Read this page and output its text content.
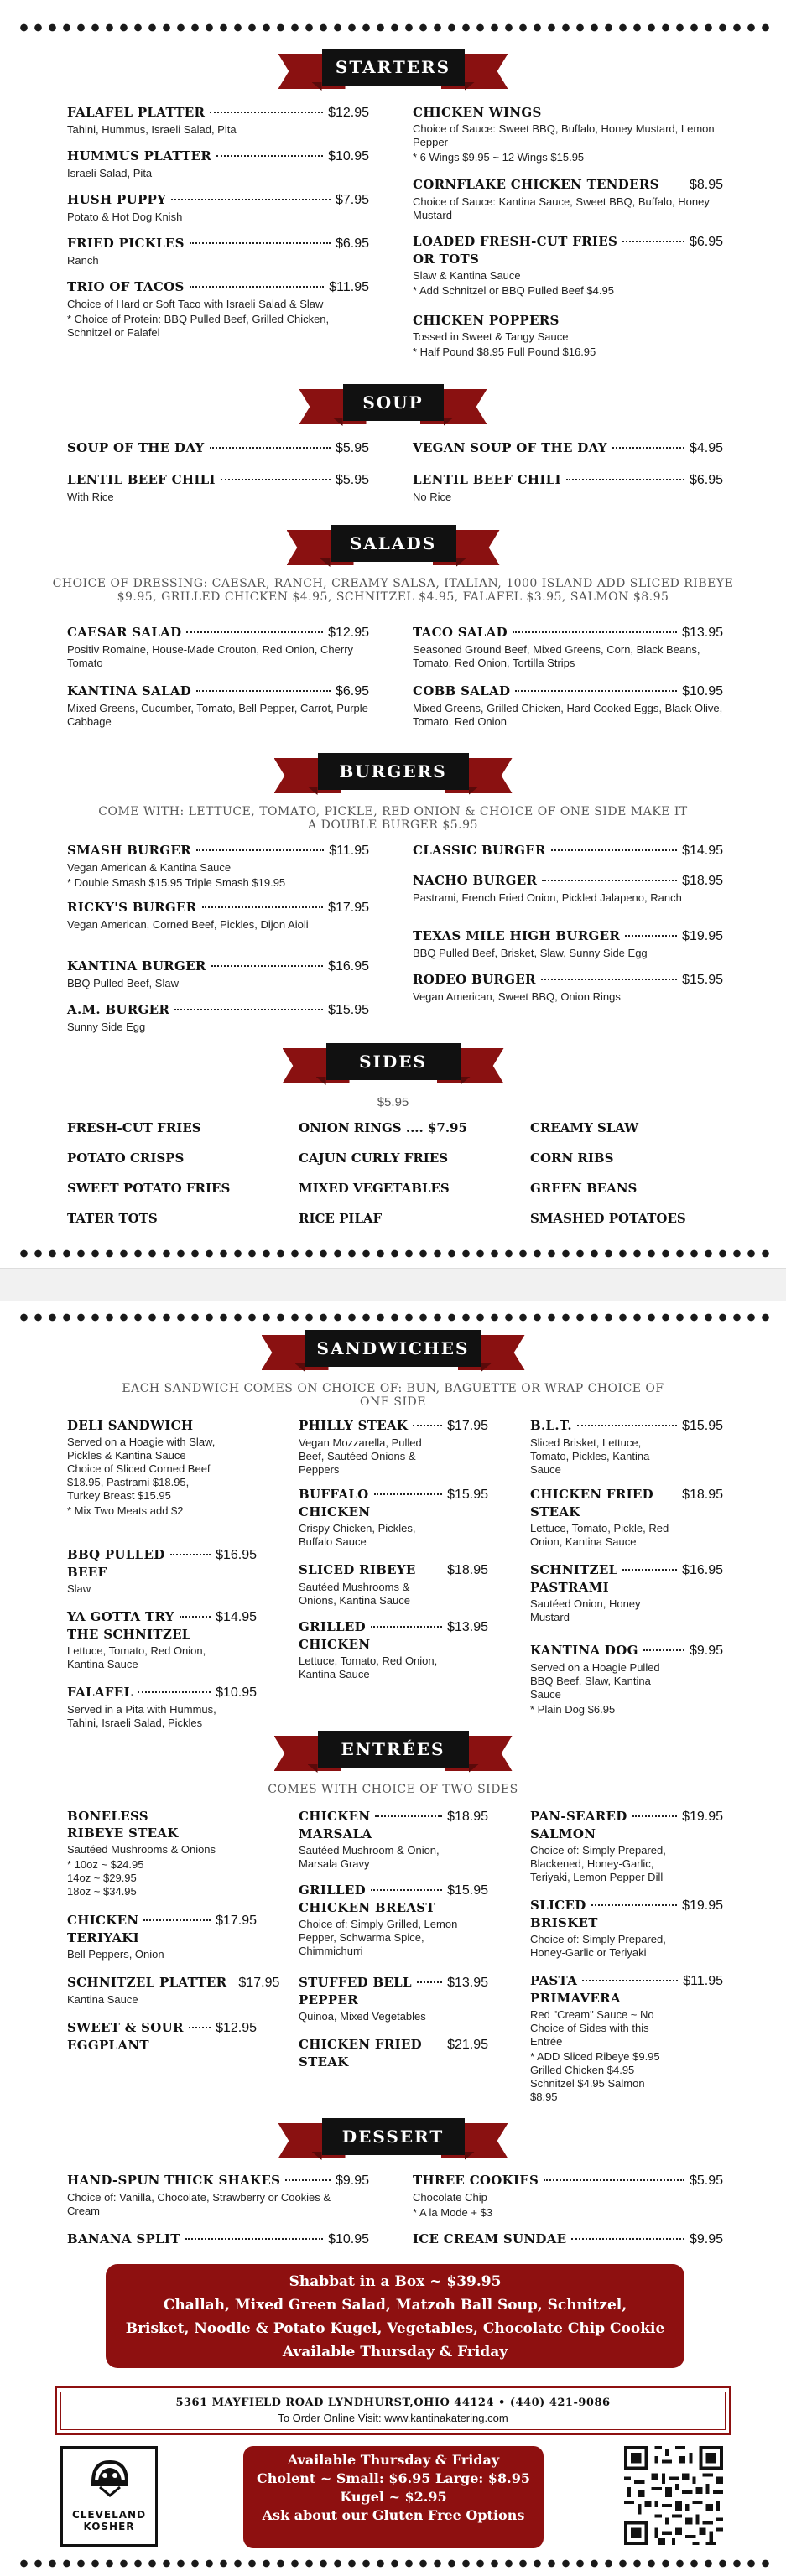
STARTERS
FALAFEL PLATTER	$12.95
Tahini, Hummus, Israeli Salad, Pita
HUMMUS PLATTER	$10.95
Israeli Salad, Pita
HUSH PUPPY	$7.95
Potato & Hot Dog Knish
FRIED PICKLES	$6.95
Ranch
TRIO OF TACOS	$11.95
Choice of Hard or Soft Taco with Israeli Salad & Slaw
* Choice of Protein: BBQ Pulled Beef, Grilled Chicken, Schnitzel or Falafel
CHICKEN WINGS
Choice of Sauce: Sweet BBQ, Buffalo, Honey Mustard, Lemon Pepper
* 6 Wings $9.95 ~ 12 Wings $15.95
CORNFLAKE CHICKEN TENDERS $8.95
Choice of Sauce: Kantina Sauce, Sweet BBQ, Buffalo, Honey Mustard
LOADED FRESH-CUT FRIES	$6.95
OR TOTS
Slaw & Kantina Sauce
* Add Schnitzel or BBQ Pulled Beef $4.95
CHICKEN POPPERS
Tossed in Sweet & Tangy Sauce
* Half Pound $8.95 Full Pound $16.95
SOUP
SOUP OF THE DAY	$5.95
LENTIL BEEF CHILI	$5.95
With Rice
VEGAN SOUP OF THE DAY	$4.95
LENTIL BEEF CHILI	$6.95
No Rice
SALADS
CHOICE OF DRESSING: CAESAR, RANCH, CREAMY SALSA, ITALIAN, 1000 ISLAND ADD SLICED RIBEYE $9.95, GRILLED CHICKEN $4.95, SCHNITZEL $4.95, FALAFEL $3.95, SALMON $8.95
CAESAR SALAD	$12.95
Positiv Romaine, House-Made Crouton, Red Onion, Cherry Tomato
KANTINA SALAD	$6.95
Mixed Greens, Cucumber, Tomato, Bell Pepper, Carrot, Purple Cabbage
TACO SALAD	$13.95
Seasoned Ground Beef, Mixed Greens, Corn, Black Beans, Tomato, Red Onion, Tortilla Strips
COBB SALAD	$10.95
Mixed Greens, Grilled Chicken, Hard Cooked Eggs, Black Olive, Tomato, Red Onion
BURGERS
COME WITH: LETTUCE, TOMATO, PICKLE, RED ONION & CHOICE OF ONE SIDE MAKE IT A DOUBLE BURGER $5.95
SMASH BURGER	$11.95
Vegan American & Kantina Sauce
* Double Smash $15.95 Triple Smash $19.95
RICKY'S BURGER	$17.95
Vegan American, Corned Beef, Pickles, Dijon Aioli
KANTINA BURGER	$16.95
BBQ Pulled Beef, Slaw
A.M. BURGER	$15.95
Sunny Side Egg
CLASSIC BURGER	$14.95
NACHO BURGER	$18.95
Pastrami, French Fried Onion, Pickled Jalapeno, Ranch
TEXAS MILE HIGH BURGER	$19.95
BBQ Pulled Beef, Brisket, Slaw, Sunny Side Egg
RODEO BURGER	$15.95
Vegan American, Sweet BBQ, Onion Rings
SIDES
$5.95
FRESH-CUT FRIES
POTATO CRISPS
SWEET POTATO FRIES
TATER TOTS
ONION RINGS .... $7.95
CAJUN CURLY FRIES
MIXED VEGETABLES
RICE PILAF
CREAMY SLAW
CORN RIBS
GREEN BEANS
SMASHED POTATOES
SANDWICHES
EACH SANDWICH COMES ON CHOICE OF: BUN, BAGUETTE OR WRAP CHOICE OF ONE SIDE
DELI SANDWICH
Served on a Hoagie with Slaw, Pickles & Kantina Sauce Choice of Sliced Corned Beef $18.95, Pastrami $18.95, Turkey Breast $15.95
* Mix Two Meats add $2
BBQ PULLED	$16.95
BEEF
Slaw
YA GOTTA TRY	$14.95
THE SCHNITZEL
Lettuce, Tomato, Red Onion, Kantina Sauce
FALAFEL	$10.95
Served in a Pita with Hummus, Tahini, Israeli Salad, Pickles
PHILLY STEAK	$17.95
Vegan Mozzarella, Pulled Beef, Sautéed Onions & Peppers
BUFFALO	$15.95
CHICKEN
Crispy Chicken, Pickles, Buffalo Sauce
SLICED RIBEYE $18.95
Sautéed Mushrooms & Onions, Kantina Sauce
GRILLED	$13.95
CHICKEN
Lettuce, Tomato, Red Onion, Kantina Sauce
B.L.T.	$15.95
Sliced Brisket, Lettuce, Tomato, Pickles, Kantina Sauce
CHICKEN FRIED $18.95
STEAK
Lettuce, Tomato, Pickle, Red Onion, Kantina Sauce
SCHNITZEL	$16.95
PASTRAMI
Sautéed Onion, Honey Mustard
KANTINA DOG	$9.95
Served on a Hoagie Pulled BBQ Beef, Slaw, Kantina Sauce
* Plain Dog $6.95
ENTRÉES
COMES WITH CHOICE OF TWO SIDES
BONELESS
RIBEYE STEAK
Sautéed Mushrooms & Onions
* 10oz ~ $24.95 14oz ~ $29.95 18oz ~ $34.95
CHICKEN	$17.95
TERIYAKI
Bell Peppers, Onion
SCHNITZEL PLATTER $17.95
Kantina Sauce
SWEET & SOUR $12.95
EGGPLANT
CHICKEN	$18.95
MARSALA
Sautéed Mushroom & Onion, Marsala Gravy
GRILLED	$15.95
CHICKEN BREAST
Choice of: Simply Grilled, Lemon Pepper, Schwarma Spice, Chimmichurri
STUFFED BELL	$13.95
PEPPER
Quinoa, Mixed Vegetables
CHICKEN FRIED $21.95
STEAK
PAN-SEARED	$19.95
SALMON
Choice of: Simply Prepared, Blackened, Honey-Garlic, Teriyaki, Lemon Pepper Dill
SLICED	$19.95
BRISKET
Choice of: Simply Prepared, Honey-Garlic or Teriyaki
PASTA	$11.95
PRIMAVERA
Red "Cream" Sauce ~ No Choice of Sides with this Entrée
* ADD Sliced Ribeye $9.95 Grilled Chicken $4.95 Schnitzel $4.95 Salmon $8.95
DESSERT
HAND-SPUN THICK SHAKES	$9.95
Choice of: Vanilla, Chocolate, Strawberry or Cookies & Cream
BANANA SPLIT	$10.95
THREE COOKIES	$5.95
Chocolate Chip
* A la Mode + $3
ICE CREAM SUNDAE	$9.95
Shabbat in a Box ~ $39.95
Challah, Mixed Green Salad, Matzoh Ball Soup, Schnitzel,
Brisket, Noodle & Potato Kugel, Vegetables, Chocolate Chip Cookie
Available Thursday & Friday
5361 MAYFIELD ROAD LYNDHURST,OHIO 44124 • (440) 421-9086
To Order Online Visit: www.kantinakatering.com
CLEVELAND
KOSHER
Available Thursday & Friday
Cholent ~ Small: $6.95 Large: $8.95
Kugel ~ $2.95
Ask about our Gluten Free Options
